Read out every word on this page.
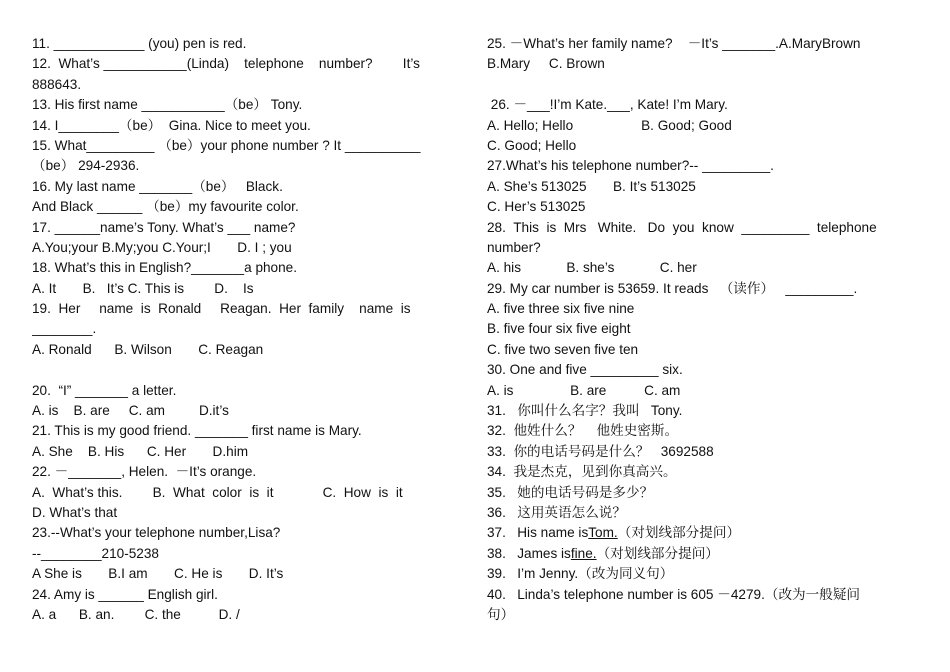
11. ____________ (you) pen is red.
12.  What’s ___________(Linda)    telephone    number?        It’s
888643.
13. His first name ___________（be） Tony.
14. I________（be）  Gina. Nice to meet you.
15. What_________ （be）your phone number ? It __________
（be） 294-2936.
16. My last name _______（be）   Black.
And Black ______ （be）my favourite color.
17. ______name’s Tony. What’s ___ name?
A.You;your B.My;you C.Your;I       D. I ; you
18. What’s this in English?_______a phone.
A. It       B.   It’s C. This is        D.    Is
19.  Her     name  is  Ronald     Reagan.  Her  family    name  is
________.
A. Ronald      B. Wilson       C. Reagan
20.  “I” _______ a letter.
A. is    B. are     C. am         D.it’s
21. This is my good friend. _______ first name is Mary.
A. She    B. His      C. Her       D.him
22. －_______, Helen.  －It’s orange.
A.  What’s this.        B.  What  color  is  it             C.  How  is  it
D. What’s that
23.--What’s your telephone number,Lisa?
--________210-5238
A She is       B.I am       C. He is       D. It’s
24. Amy is ______ English girl.
A. a      B. an.        C. the          D. /
25. －What’s her family name?    －It’s _______.A.MaryBrown
B.Mary     C. Brown
26. －___!I’m Kate.___, Kate! I’m Mary.
A. Hello; Hello                  B. Good; Good
C. Good; Hello
27.What’s his telephone number?-- _________.
A. She’s 513025       B. It’s 513025
C. Her’s 513025
28.  This  is  Mrs   White.   Do  you  know  _________  telephone
number?
A. his            B. she’s            C. her
29. My car number is 53659. It reads   （读作）   _________.
A. five three six five nine
B. five four six five eight
C. five two seven five ten
30. One and five _________ six.
A. is               B. are          C. am
31.   你叫什么名字？我叫   Tony.
32.  他姓什么？    他姓史密斯。
33.  你的电话号码是什么？   3692588
34.  我是杰克，见到你真高兴。
35.   她的电话号码是多少？
36.   这用英语怎么说？
37.   His name isTom.（对划线部分提问）
38.   James isfine.（对划线部分提问）
39.   I’m Jenny.（改为同义句）
40.   Linda’s telephone number is 605 －4279.（改为一般疑问
句）
